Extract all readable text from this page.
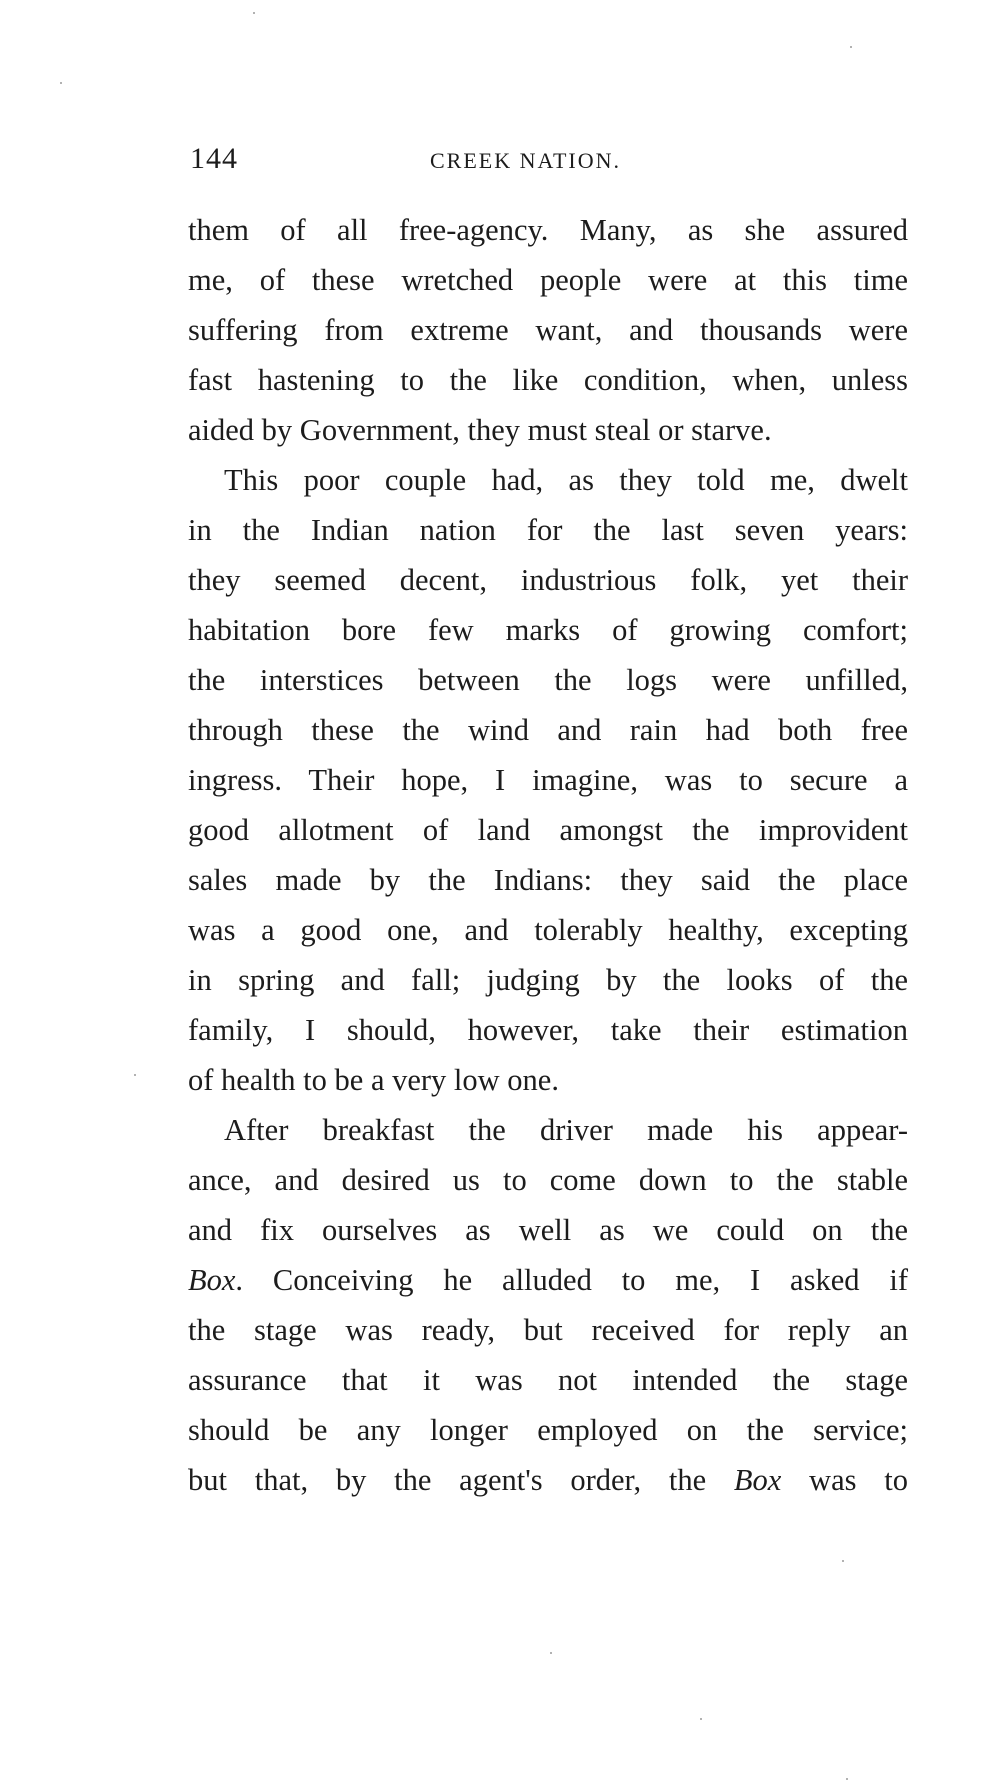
144	CREEK NATION.
them of all free-agency. Many, as she assured
me, of these wretched people were at this time
suffering from extreme want, and thousands were
fast hastening to the like condition, when, unless
aided by Government, they must steal or starve.
This poor couple had, as they told me, dwelt
in the Indian nation for the last seven years:
they seemed decent, industrious folk, yet their
habitation bore few marks of growing comfort;
the interstices between the logs were unfilled,
through these the wind and rain had both free
ingress. Their hope, I imagine, was to secure a
good allotment of land amongst the improvident
sales made by the Indians: they said the place
was a good one, and tolerably healthy, excepting
in spring and fall; judging by the looks of the
family, I should, however, take their estimation
of health to be a very low one.
After breakfast the driver made his appear-
ance, and desired us to come down to the stable
and fix ourselves as well as we could on the
Box. Conceiving he alluded to me, I asked if
the stage was ready, but received for reply an
assurance that it was not intended the stage
should be any longer employed on the service;
but that, by the agent's order, the Box was to
